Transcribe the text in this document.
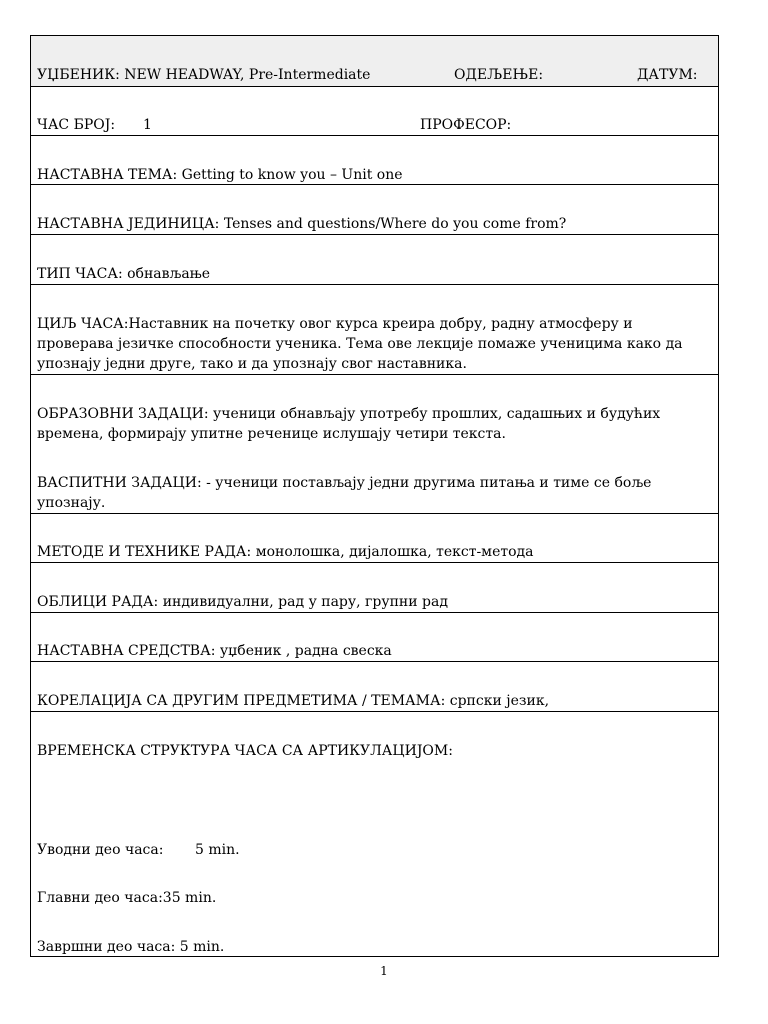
УЏБЕНИК: NEW HEADWAY, Pre-Intermediate	ОДЕЉЕЊЕ:	ДАТУМ:
ЧАС БРОЈ: 1	ПРОФЕСОР:
НАСТАВНА ТЕМА: Getting to know you – Unit one
НАСТАВНА ЈЕДИНИЦА: Tenses and questions/Where do you come from?
ТИП ЧАСА: обнављање
ЦИЉ ЧАСА:Наставник на почетку овог курса креира добру, радну атмосферу и проверава језичке способности ученика. Тема ове лекције помаже ученицима како да упознају једни друге, тако и да упознају свог наставника.
ОБРАЗОВНИ ЗАДАЦИ: ученици обнављају употребу прошлих, садашњих и будућих времена, формирају упитне реченице ислушају четири текста.
ВАСПИТНИ ЗАДАЦИ: - ученици постављају једни другима питања и тиме се боље упознају.
МЕТОДЕ И ТЕХНИКЕ РАДА: монолошка, дијалошка, текст-метода
ОБЛИЦИ РАДА: индивидуални, рад у пару, групни рад
НАСТАВНА СРЕДСТВА: уџбеник , радна свеска
КОРЕЛАЦИЈА СА ДРУГИМ ПРЕДМЕТИМА / ТЕМАМА: српски језик,
ВРЕМЕНСКА СТРУКТУРА ЧАСА СА АРТИКУЛАЦИЈОМ:
Уводни део часа: 5 min.
Главни део часа:35 min.
Завршни део часа: 5 min.
1
